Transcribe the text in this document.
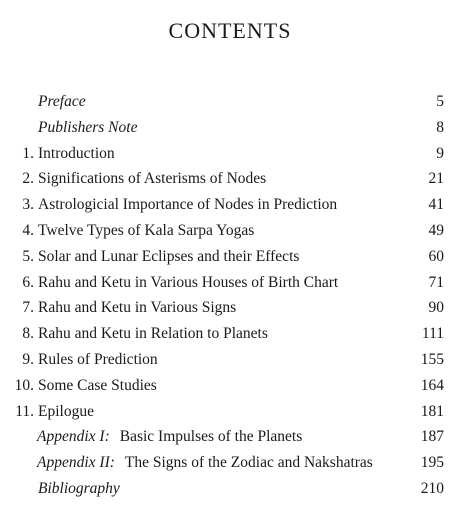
CONTENTS
Preface	5
Publishers Note	8
1. Introduction	9
2. Significations of Asterisms of Nodes	21
3. Astrologicial Importance of Nodes in Prediction	41
4. Twelve Types of Kala Sarpa Yogas	49
5. Solar and Lunar Eclipses and their Effects	60
6. Rahu and Ketu in Various Houses of Birth Chart	71
7. Rahu and Ketu in Various Signs	90
8. Rahu and Ketu in Relation to Planets	111
9. Rules of Prediction	155
10. Some Case Studies	164
11. Epilogue	181
Appendix I: Basic Impulses of the Planets	187
Appendix II: The Signs of the Zodiac and Nakshatras	195
Bibliography	210
